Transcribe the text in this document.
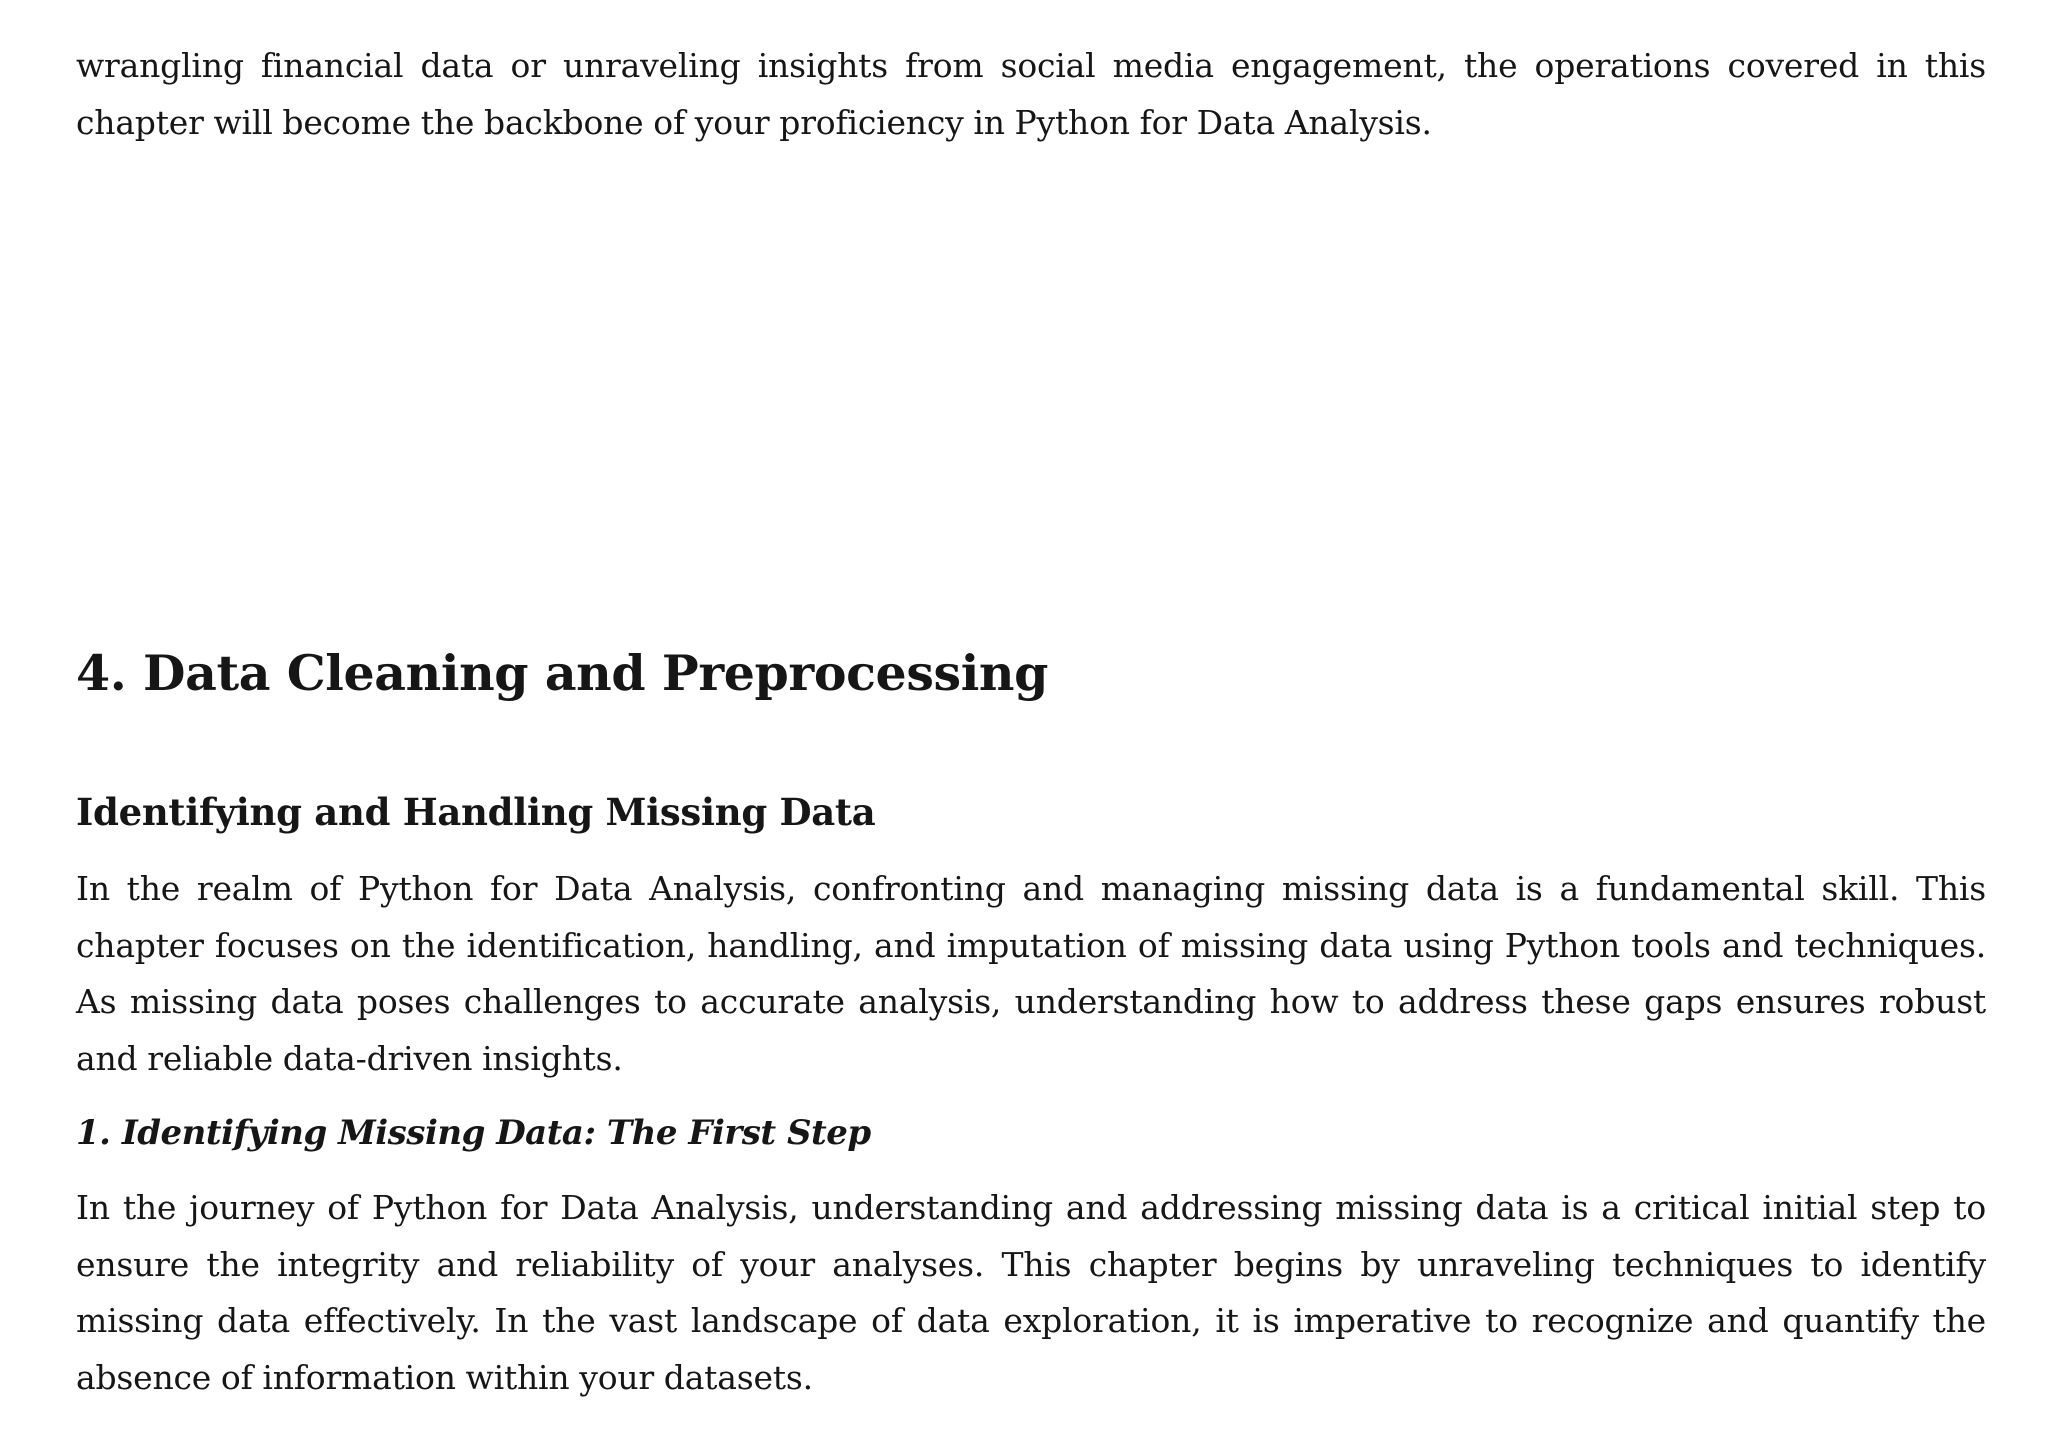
wrangling financial data or unraveling insights from social media engagement, the operations covered in this chapter will become the backbone of your proficiency in Python for Data Analysis.

4. Data Cleaning and Preprocessing
Identifying and Handling Missing Data

In the realm of Python for Data Analysis, confronting and managing missing data is a fundamental skill. This chapter focuses on the identification, handling, and imputation of missing data using Python tools and techniques. As missing data poses challenges to accurate analysis, understanding how to address these gaps ensures robust and reliable data-driven insights.

1. Identifying Missing Data: The First Step

In the journey of Python for Data Analysis, understanding and addressing missing data is a critical initial step to ensure the integrity and reliability of your analyses. This chapter begins by unraveling techniques to identify missing data effectively. In the vast landscape of data exploration, it is imperative to recognize and quantify the absence of information within your datasets.
